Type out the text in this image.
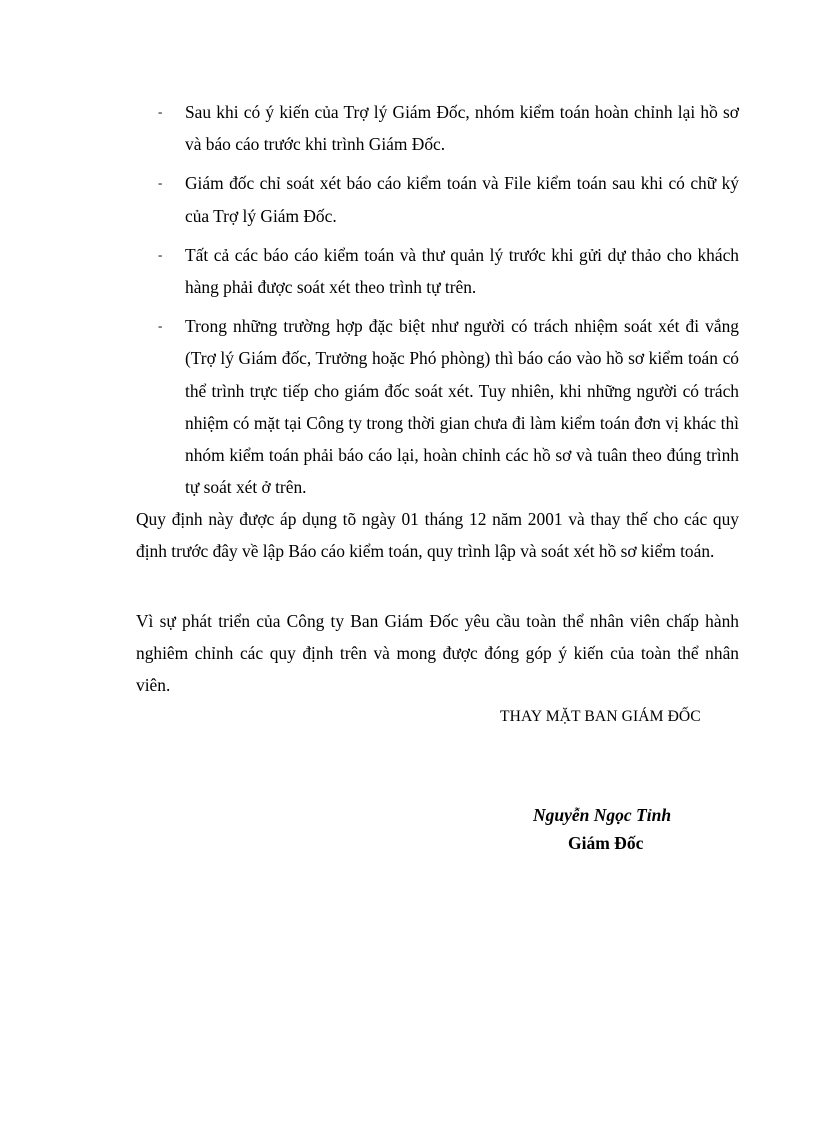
-	Sau khi có ý kiến của Trợ lý Giám Đốc, nhóm kiểm toán hoàn chỉnh lại hồ sơ và báo cáo trước khi trình Giám Đốc.
-	Giám đốc chỉ soát xét báo cáo kiểm toán và File kiểm toán sau khi có chữ ký của Trợ lý Giám Đốc.
-	Tất cả các báo cáo kiểm toán và thư quản lý trước khi gửi dự thảo cho khách hàng phải được soát xét theo trình tự trên.
-	Trong những trường hợp đặc biệt như người có trách nhiệm soát xét đi vắng (Trợ lý Giám đốc, Trưởng hoặc Phó phòng) thì báo cáo vào hồ sơ kiểm toán có thể trình trực tiếp cho giám đốc soát xét. Tuy nhiên, khi những người có trách nhiệm có mặt tại Công ty trong thời gian chưa đi làm kiểm toán đơn vị khác thì nhóm kiểm toán phải báo cáo lại, hoàn chỉnh các hồ sơ và tuân theo đúng trình tự soát xét ở trên.

Quy định này được áp dụng tõ ngày 01 tháng 12 năm 2001 và thay thế cho các quy định trước đây về lập Báo cáo kiểm toán, quy trình lập và soát xét hồ sơ kiểm toán.

Vì sự phát triển của Công ty Ban Giám Đốc yêu cầu toàn thể nhân viên chấp hành nghiêm chỉnh các quy định trên và mong được đóng góp ý kiến của toàn thể nhân viên.

THAY MẶT BAN GIÁM ĐỐC
Nguyễn Ngọc Tỉnh
Giám Đốc
